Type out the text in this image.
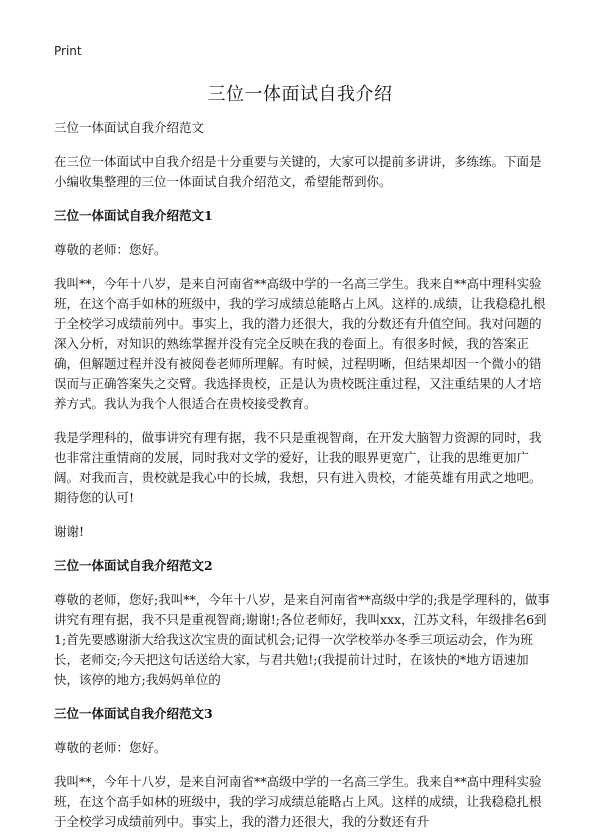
Print
三位一体面试自我介绍

三位一体面试自我介绍范文

在三位一体面试中自我介绍是十分重要与关键的，大家可以提前多讲讲，多练练。下面是小编收集整理的三位一体面试自我介绍范文，希望能帮到你。

三位一体面试自我介绍范文1

尊敬的老师：您好。

我叫**，今年十八岁，是来自河南省**高级中学的一名高三学生。我来自**高中理科实验班，在这个高手如林的班级中，我的学习成绩总能略占上风。这样的.成绩，让我稳稳扎根于全校学习成绩前列中。事实上，我的潜力还很大，我的分数还有升值空间。我对问题的深入分析，对知识的熟练掌握并没有完全反映在我的卷面上。有很多时候，我的答案正确，但解题过程并没有被阅卷老师所理解。有时候，过程明晰，但结果却因一个微小的错误而与正确答案失之交臂。我选择贵校，正是认为贵校既注重过程，又注重结果的人才培养方式。我认为我个人很适合在贵校接受教育。

我是学理科的，做事讲究有理有据，我不只是重视智商，在开发大脑智力资源的同时，我也非常注重情商的发展，同时我对文学的爱好，让我的眼界更宽广，让我的思维更加广阔。对我而言，贵校就是我心中的长城，我想，只有进入贵校，才能英雄有用武之地吧。期待您的认可!

谢谢!

三位一体面试自我介绍范文2

尊敬的老师，您好;我叫**，今年十八岁，是来自河南省**高级中学的;我是学理科的，做事讲究有理有据，我不只是重视智商;谢谢!;各位老师好，我叫xxx，江苏文科，年级排名6到1;首先要感谢浙大给我这次宝贵的面试机会;记得一次学校举办冬季三项运动会，作为班长，老师交;今天把这句话送给大家，与君共勉!;(我提前计过时，在该快的*地方语速加快，该停的地方;我妈妈单位的

三位一体面试自我介绍范文3

尊敬的老师：您好。

我叫**，今年十八岁，是来自河南省**高级中学的一名高三学生。我来自**高中理科实验班，在这个高手如林的班级中，我的学习成绩总能略占上风。这样的成绩，让我稳稳扎根于全校学习成绩前列中。事实上，我的潜力还很大，我的分数还有升
